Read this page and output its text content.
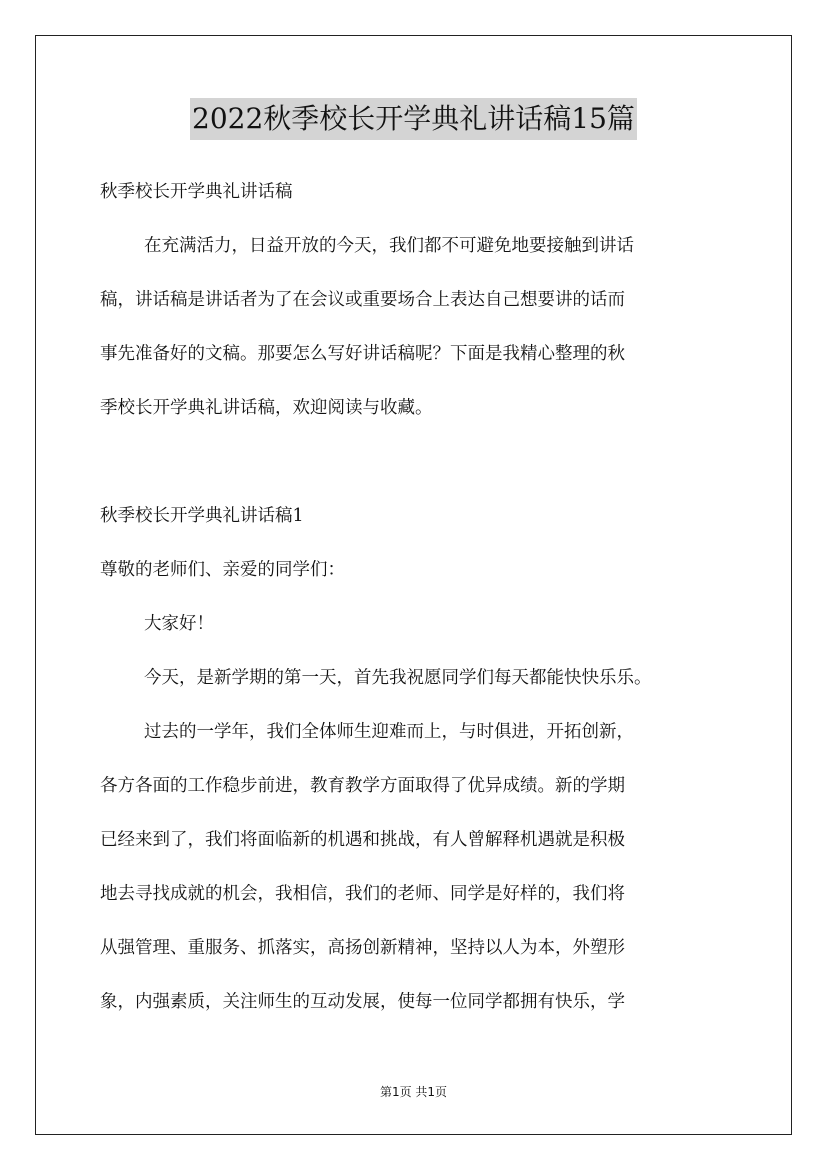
2022秋季校长开学典礼讲话稿15篇
秋季校长开学典礼讲话稿
在充满活力，日益开放的今天，我们都不可避免地要接触到讲话
稿，讲话稿是讲话者为了在会议或重要场合上表达自己想要讲的话而
事先准备好的文稿。那要怎么写好讲话稿呢？下面是我精心整理的秋
季校长开学典礼讲话稿，欢迎阅读与收藏。
秋季校长开学典礼讲话稿1
尊敬的老师们、亲爱的同学们：
大家好！
今天，是新学期的第一天，首先我祝愿同学们每天都能快快乐乐。
过去的一学年，我们全体师生迎难而上，与时俱进，开拓创新，
各方各面的工作稳步前进，教育教学方面取得了优异成绩。新的学期
已经来到了，我们将面临新的机遇和挑战，有人曾解释机遇就是积极
地去寻找成就的机会，我相信，我们的老师、同学是好样的，我们将
从强管理、重服务、抓落实，高扬创新精神，坚持以人为本，外塑形
象，内强素质，关注师生的互动发展，使每一位同学都拥有快乐，学
第1页 共1页
